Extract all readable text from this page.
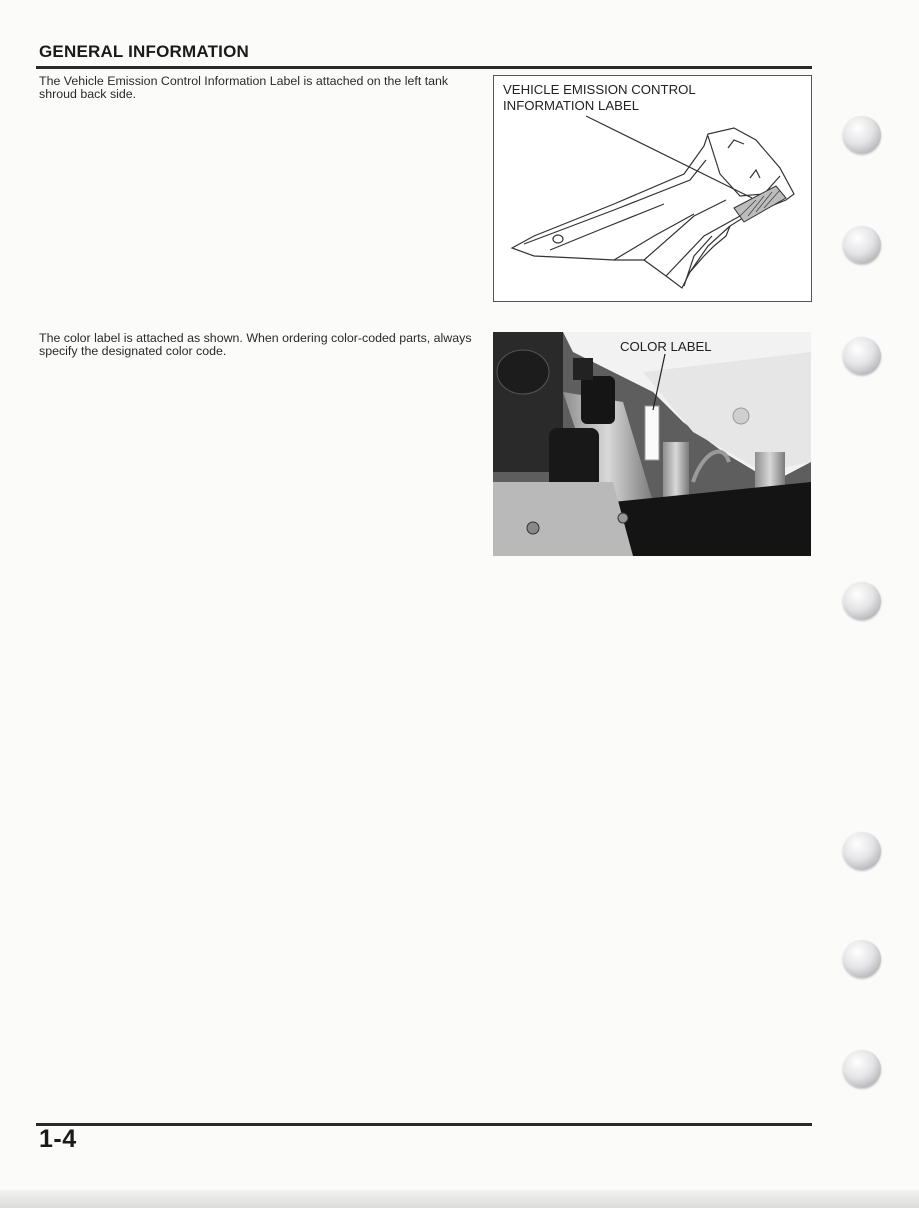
GENERAL INFORMATION
The Vehicle Emission Control Information Label is attached on the left tank shroud back side.	VEHICLE EMISSION CONTROL
INFORMATION LABEL
The color label is attached as shown. When ordering color-coded parts, always specify the designated color code.	COLOR LABEL
1-4
